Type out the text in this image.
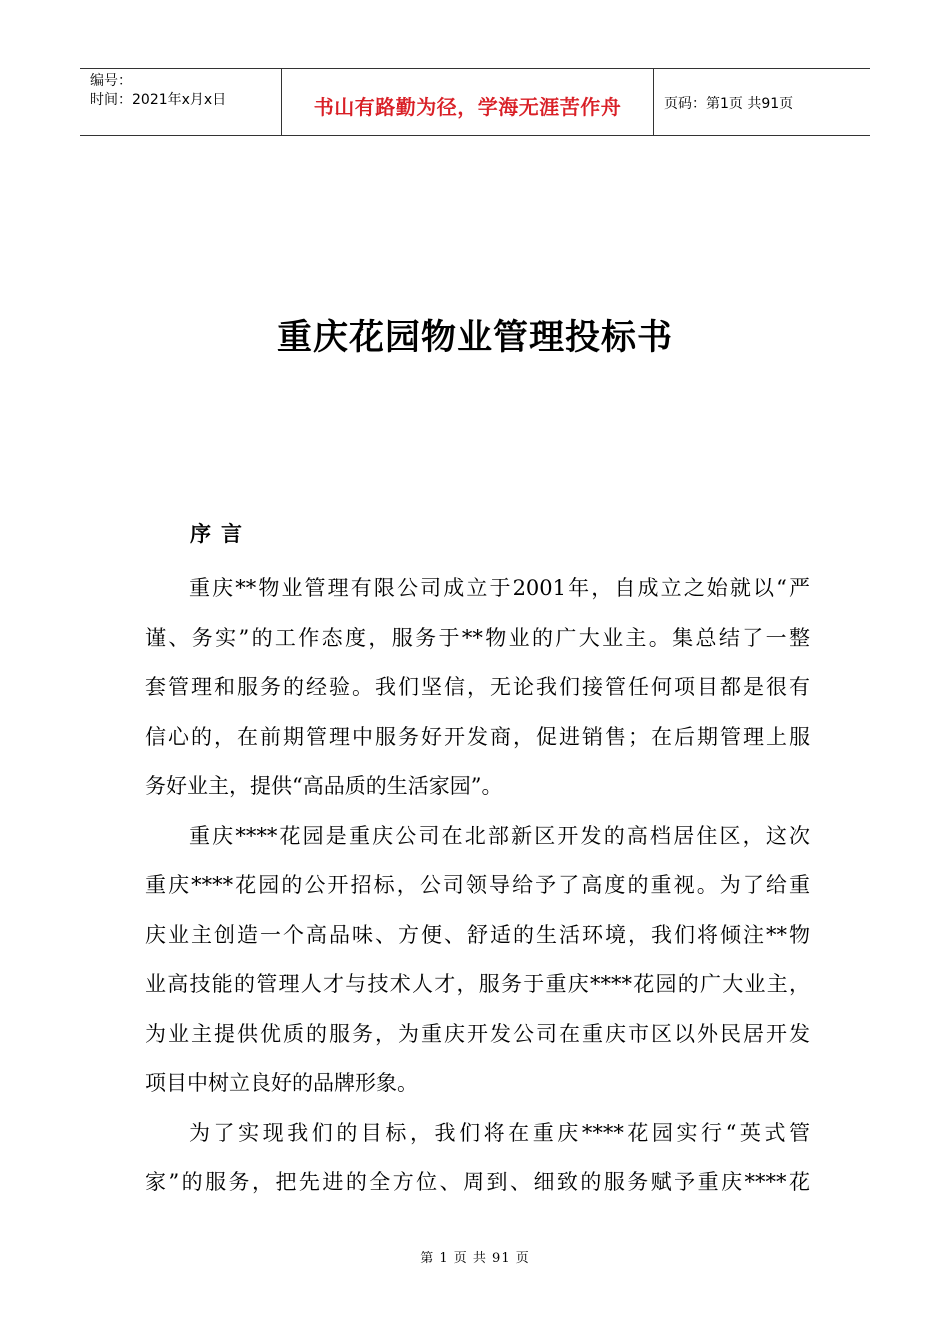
编号：
时间：2021年x月x日	书山有路勤为径，学海无涯苦作舟	页码：第1页 共91页
重庆花园物业管理投标书
序言
重庆**物业管理有限公司成立于2001年，自成立之始就以“严
谨、务实”的工作态度，服务于**物业的广大业主。集总结了一整
套管理和服务的经验。我们坚信，无论我们接管任何项目都是很有
信心的，在前期管理中服务好开发商，促进销售；在后期管理上服
务好业主，提供“高品质的生活家园”。
重庆****花园是重庆公司在北部新区开发的高档居住区，这次
重庆****花园的公开招标，公司领导给予了高度的重视。为了给重
庆业主创造一个高品味、方便、舒适的生活环境，我们将倾注**物
业高技能的管理人才与技术人才，服务于重庆****花园的广大业主，
为业主提供优质的服务，为重庆开发公司在重庆市区以外民居开发
项目中树立良好的品牌形象。
为了实现我们的目标，我们将在重庆****花园实行“英式管
家”的服务，把先进的全方位、周到、细致的服务赋予重庆****花
第 1 页 共 91 页
